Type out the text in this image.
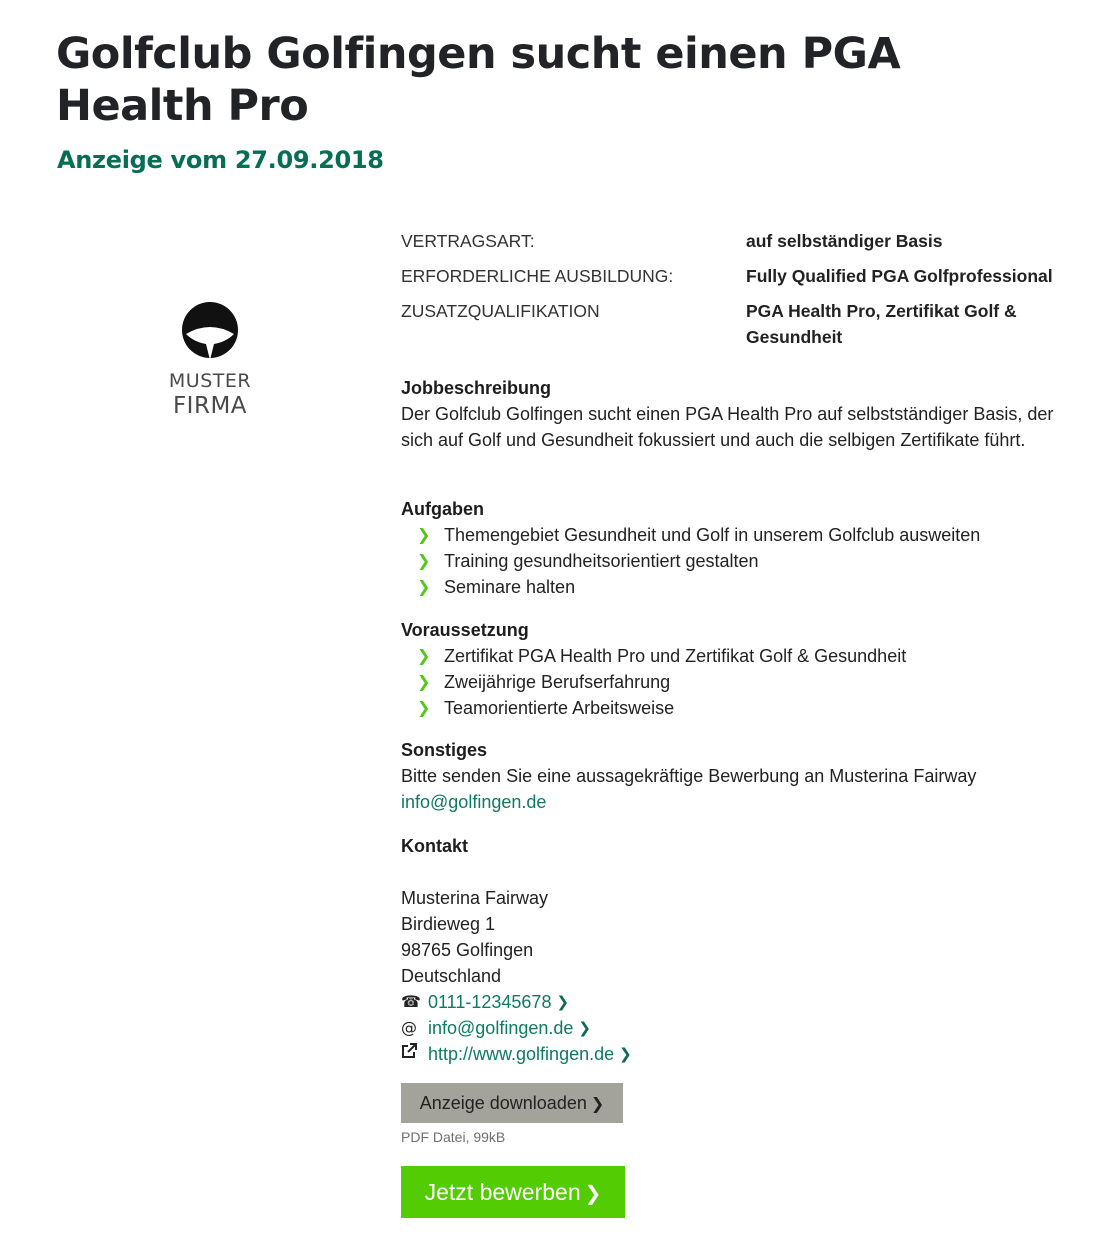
Golfclub Golfingen sucht einen PGA Health Pro
Anzeige vom 27.09.2018
MUSTER
FIRMA
VERTRAGSART:	auf selbständiger Basis
ERFORDERLICHE AUSBILDUNG:	Fully Qualified PGA Golfprofessional
ZUSATZQUALIFIKATION	PGA Health Pro, Zertifikat Golf & Gesundheit
Jobbeschreibung

Der Golfclub Golfingen sucht einen PGA Health Pro auf selbstständiger Basis, der sich auf Golf und Gesundheit fokussiert und auch die selbigen Zertifikate führt.

Aufgaben
❯ Themengebiet Gesundheit und Golf in unserem Golfclub ausweiten
❯ Training gesundheitsorientiert gestalten
❯ Seminare halten
Voraussetzung
❯ Zertifikat PGA Health Pro und Zertifikat Golf & Gesundheit
❯ Zweijährige Berufserfahrung
❯ Teamorientierte Arbeitsweise
Sonstiges

Bitte senden Sie eine aussagekräftige Bewerbung an Musterina Fairway

info@golfingen.de

Kontakt
Musterina Fairway
Birdieweg 1
98765 Golfingen
Deutschland
☎ 0111-12345678 ❯
@ info@golfingen.de ❯
http://www.golfingen.de ❯
Anzeige downloaden ❯
PDF Datei, 99kB
Jetzt bewerben ❯
